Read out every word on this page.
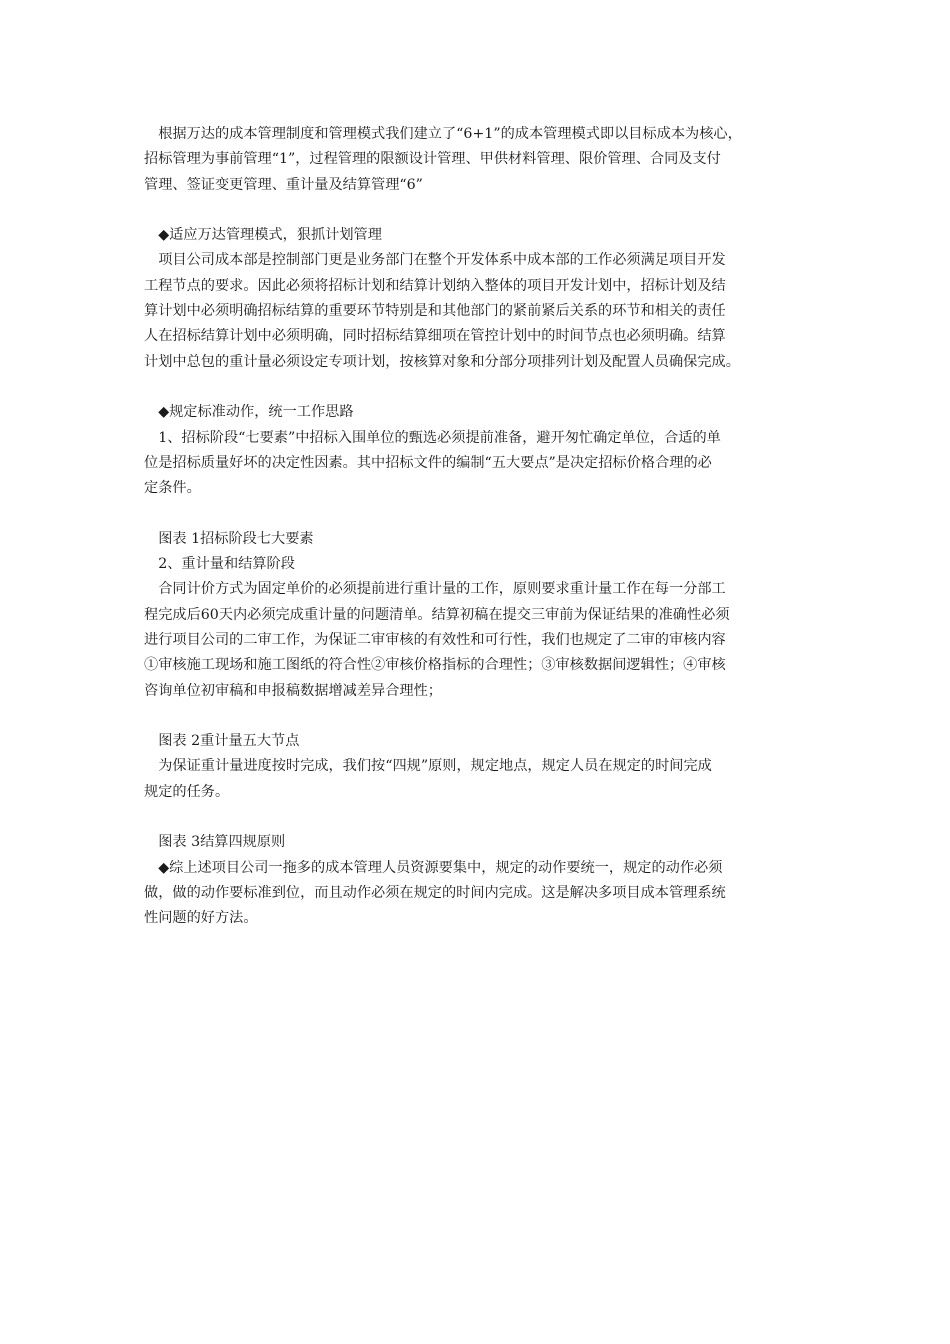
　根据万达的成本管理制度和管理模式我们建立了“6+1”的成本管理模式即以目标成本为核心，
招标管理为事前管理“1”，过程管理的限额设计管理、甲供材料管理、限价管理、合同及支付
管理、签证变更管理、重计量及结算管理“6”
　◆适应万达管理模式，狠抓计划管理
　项目公司成本部是控制部门更是业务部门在整个开发体系中成本部的工作必须满足项目开发
工程节点的要求。因此必须将招标计划和结算计划纳入整体的项目开发计划中，招标计划及结
算计划中必须明确招标结算的重要环节特别是和其他部门的紧前紧后关系的环节和相关的责任
人在招标结算计划中必须明确，同时招标结算细项在管控计划中的时间节点也必须明确。结算
计划中总包的重计量必须设定专项计划，按核算对象和分部分项排列计划及配置人员确保完成。
　◆规定标准动作，统一工作思路
　1、招标阶段“七要素”中招标入围单位的甄选必须提前准备，避开匆忙确定单位，合适的单
位是招标质量好坏的决定性因素。其中招标文件的编制“五大要点”是决定招标价格合理的必
定条件。
　图表 1招标阶段七大要素
　2、重计量和结算阶段
　合同计价方式为固定单价的必须提前进行重计量的工作，原则要求重计量工作在每一分部工
程完成后60天内必须完成重计量的问题清单。结算初稿在提交三审前为保证结果的准确性必须
进行项目公司的二审工作，为保证二审审核的有效性和可行性，我们也规定了二审的审核内容
①审核施工现场和施工图纸的符合性②审核价格指标的合理性；③审核数据间逻辑性；④审核
咨询单位初审稿和申报稿数据增减差异合理性；
　图表 2重计量五大节点
　为保证重计量进度按时完成，我们按“四规”原则，规定地点，规定人员在规定的时间完成
规定的任务。
　图表 3结算四规原则
　◆综上述项目公司一拖多的成本管理人员资源要集中，规定的动作要统一，规定的动作必须
做，做的动作要标准到位，而且动作必须在规定的时间内完成。这是解决多项目成本管理系统
性问题的好方法。
